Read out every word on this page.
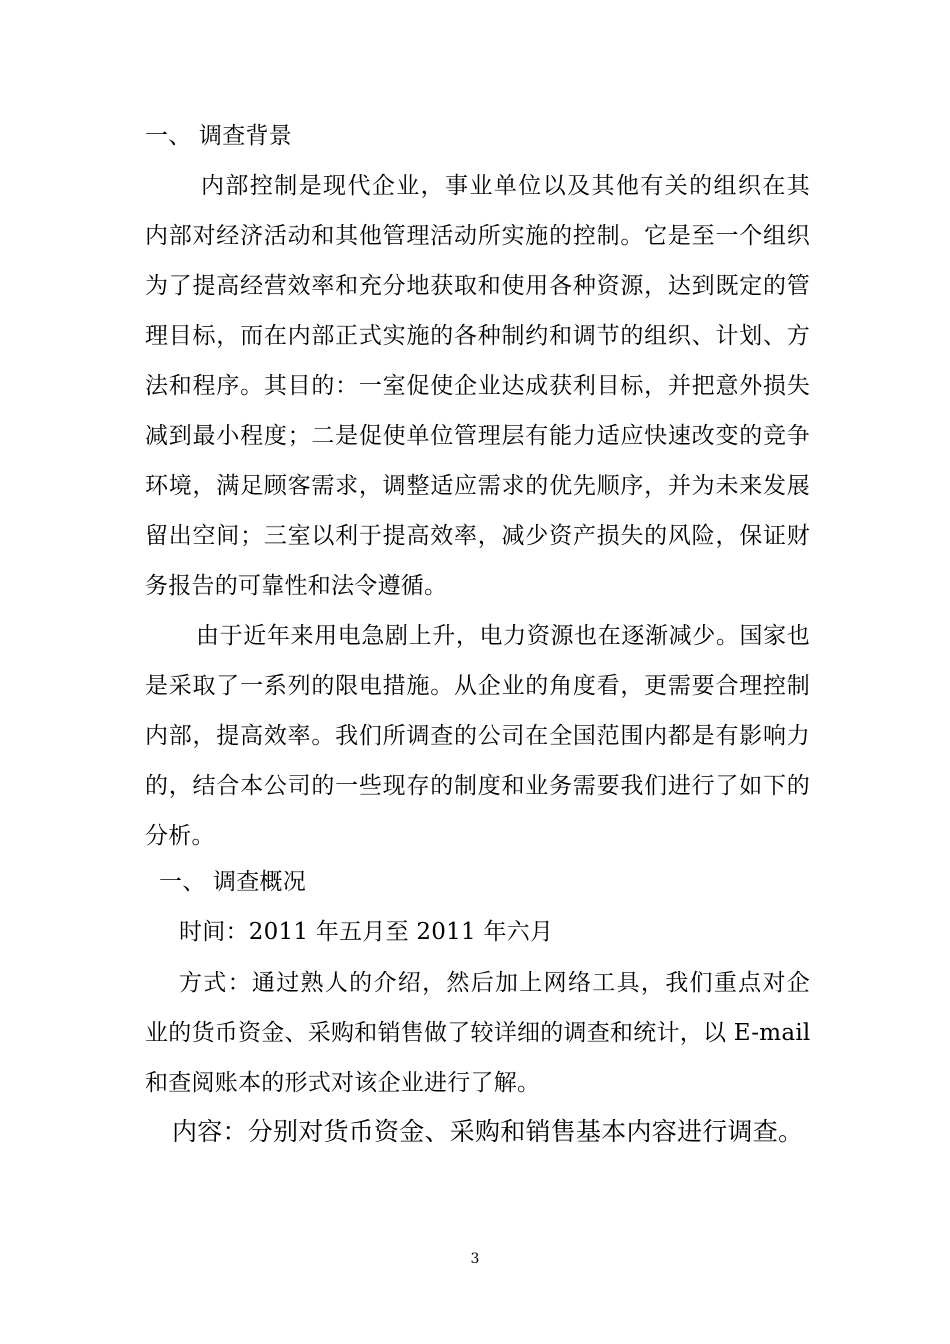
一、 调查背景

内部控制是现代企业，事业单位以及其他有关的组织在其

内部对经济活动和其他管理活动所实施的控制。它是至一个组织

为了提高经营效率和充分地获取和使用各种资源，达到既定的管

理目标，而在内部正式实施的各种制约和调节的组织、计划、方

法和程序。其目的：一室促使企业达成获利目标，并把意外损失

减到最小程度；二是促使单位管理层有能力适应快速改变的竞争

环境，满足顾客需求，调整适应需求的优先顺序，并为未来发展

留出空间；三室以利于提高效率，减少资产损失的风险，保证财

务报告的可靠性和法令遵循。

由于近年来用电急剧上升，电力资源也在逐渐减少。国家也

是采取了一系列的限电措施。从企业的角度看，更需要合理控制

内部，提高效率。我们所调查的公司在全国范围内都是有影响力

的，结合本公司的一些现存的制度和业务需要我们进行了如下的

分析。

一、 调查概况

时间：2011 年五月至 2011 年六月

方式：通过熟人的介绍，然后加上网络工具，我们重点对企

业的货币资金、采购和销售做了较详细的调查和统计，以 E-mail

和查阅账本的形式对该企业进行了解。

内容：分别对货币资金、采购和销售基本内容进行调查。

3
